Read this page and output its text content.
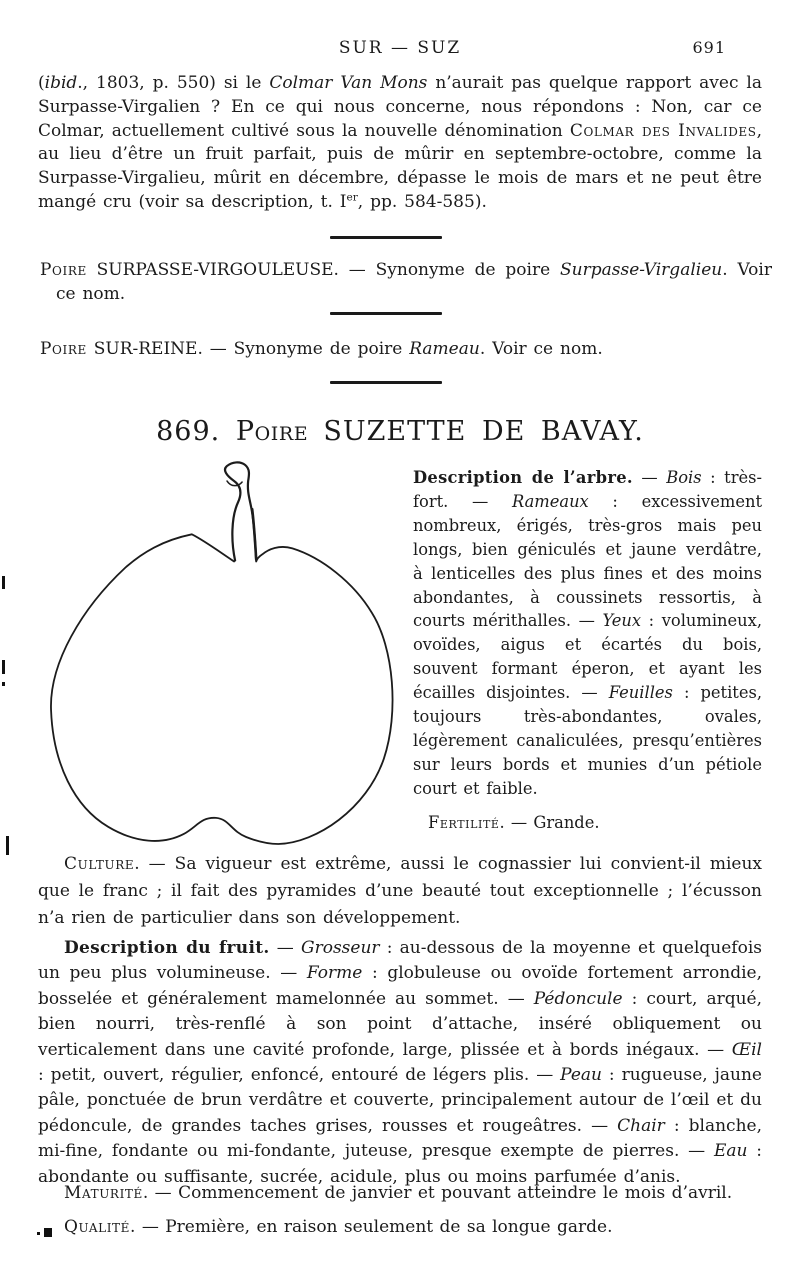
SUR — SUZ	691

(ibid., 1803, p. 550) si le Colmar Van Mons n’aurait pas quelque rapport avec la Surpasse-Virgalien ? En ce qui nous concerne, nous répondons : Non, car ce Colmar, actuellement cultivé sous la nouvelle dénomination Colmar des Invalides, au lieu d’être un fruit parfait, puis de mûrir en septembre-octobre, comme la Surpasse-Virgalieu, mûrit en décembre, dépasse le mois de mars et ne peut être mangé cru (voir sa description, t. Ier, pp. 584-585).

Poire SURPASSE-VIRGOULEUSE. — Synonyme de poire Surpasse-Virgalieu. Voir ce nom.

Poire SUR-REINE. — Synonyme de poire Rameau. Voir ce nom.

869. Poire SUZETTE DE BAVAY.

Description de l’arbre. — Bois : très-fort. — Rameaux : excessivement nombreux, érigés, très-gros mais peu longs, bien géniculés et jaune verdâtre, à lenticelles des plus fines et des moins abondantes, à coussinets ressortis, à courts mérithalles. — Yeux : volumineux, ovoïdes, aigus et écartés du bois, souvent formant éperon, et ayant les écailles disjointes. — Feuilles : petites, toujours très-abondantes, ovales, légèrement canaliculées, presqu’entières sur leurs bords et munies d’un pétiole court et faible.

Fertilité. — Grande.

Culture. — Sa vigueur est extrême, aussi le cognassier lui convient-il mieux que le franc ; il fait des pyramides d’une beauté tout exceptionnelle ; l’écusson n’a rien de particulier dans son développement.

Description du fruit. — Grosseur : au-dessous de la moyenne et quelquefois un peu plus volumineuse. — Forme : globuleuse ou ovoïde fortement arrondie, bosselée et généralement mamelonnée au sommet. — Pédoncule : court, arqué, bien nourri, très-renflé à son point d’attache, inséré obliquement ou verticalement dans une cavité profonde, large, plissée et à bords inégaux. — Œil : petit, ouvert, régulier, enfoncé, entouré de légers plis. — Peau : rugueuse, jaune pâle, ponctuée de brun verdâtre et couverte, principalement autour de l’œil et du pédoncule, de grandes taches grises, rousses et rougeâtres. — Chair : blanche, mi-fine, fondante ou mi-fondante, juteuse, presque exempte de pierres. — Eau : abondante ou suffisante, sucrée, acidule, plus ou moins parfumée d’anis.

Maturité. — Commencement de janvier et pouvant atteindre le mois d’avril.

Qualité. — Première, en raison seulement de sa longue garde.
